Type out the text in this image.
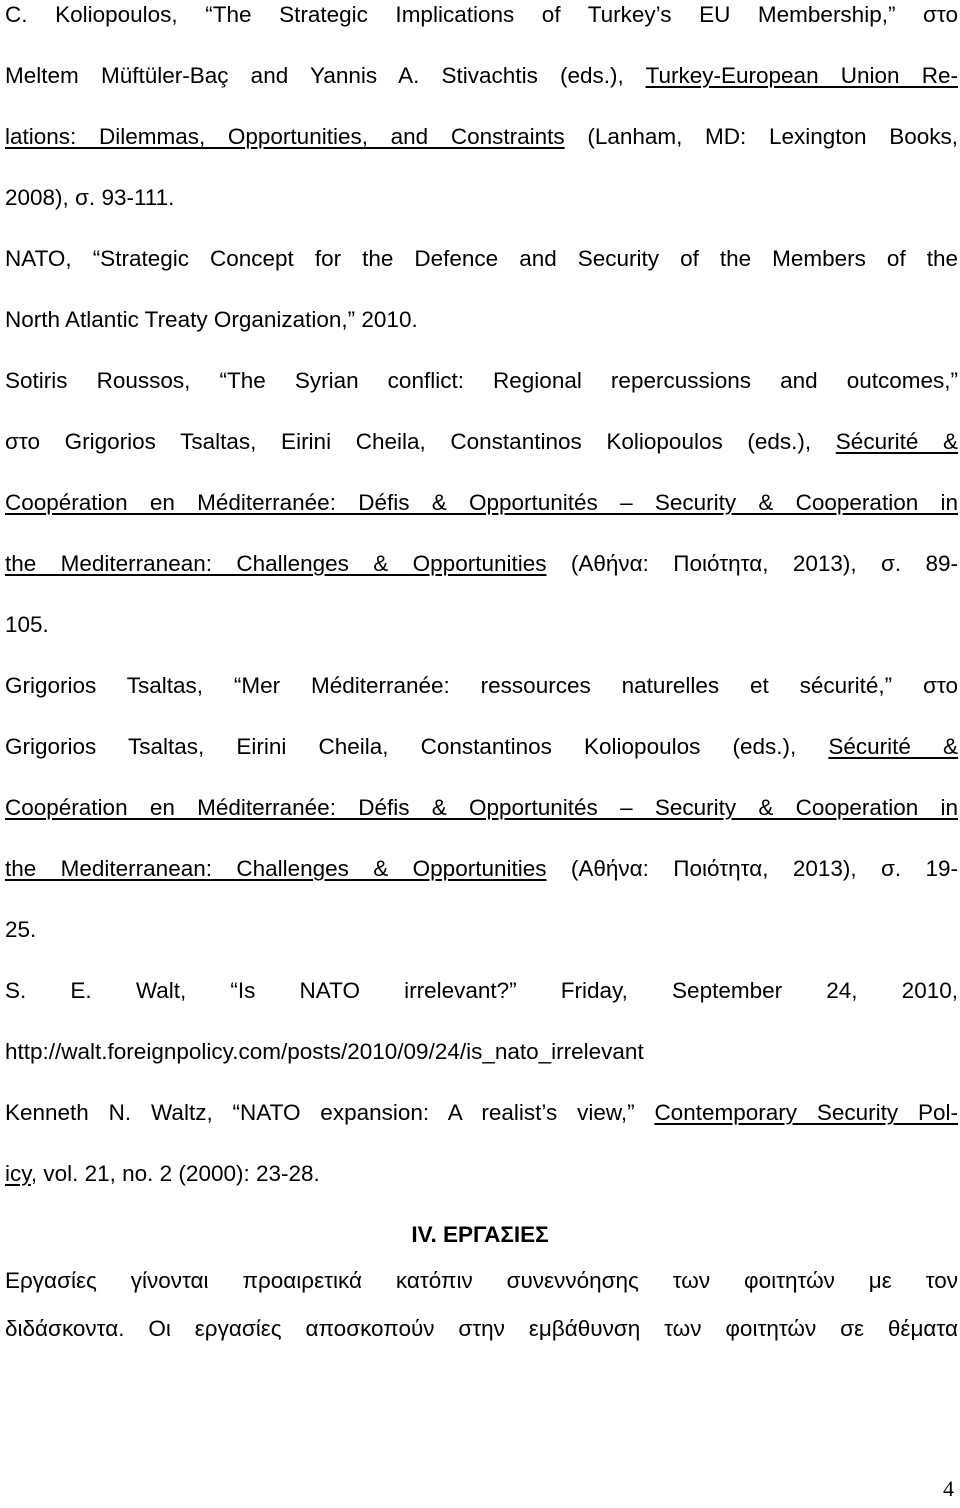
C. Koliopoulos, “The Strategic Implications of Turkey’s EU Membership,” στο
Meltem Müftüler-Baç and Yannis A. Stivachtis (eds.), Turkey-European Union Re-
lations: Dilemmas, Opportunities, and Constraints (Lanham, MD: Lexington Books,
2008), σ. 93-111.
NATO, “Strategic Concept for the Defence and Security of the Members of the
North Atlantic Treaty Organization,” 2010.
Sotiris Roussos, “The Syrian conflict: Regional repercussions and outcomes,”
στο Grigorios Tsaltas, Eirini Cheila, Constantinos Koliopoulos (eds.), Sécurité &
Coopération en Méditerranée: Défis & Opportunités – Security & Cooperation in
the Mediterranean: Challenges & Opportunities (Αθήνα: Ποιότητα, 2013), σ. 89-
105.
Grigorios Tsaltas, “Mer Méditerranée: ressources naturelles et sécurité,” στο
Grigorios Tsaltas, Eirini Cheila, Constantinos Koliopoulos (eds.), Sécurité &
Coopération en Méditerranée: Défis & Opportunités – Security & Cooperation in
the Mediterranean: Challenges & Opportunities (Αθήνα: Ποιότητα, 2013), σ. 19-
25.
S. E. Walt, “Is NATO irrelevant?” Friday, September 24, 2010,
http://walt.foreignpolicy.com/posts/2010/09/24/is_nato_irrelevant
Kenneth N. Waltz, “NATO expansion: A realist’s view,” Contemporary Security Pol-
icy, vol. 21, no. 2 (2000): 23-28.
IV. ΕΡΓΑΣΙΕΣ
Εργασίες γίνονται προαιρετικά κατόπιν συνεννόησης των φοιτητών με τον
διδάσκοντα. Οι εργασίες αποσκοπούν στην εμβάθυνση των φοιτητών σε θέματα
4
